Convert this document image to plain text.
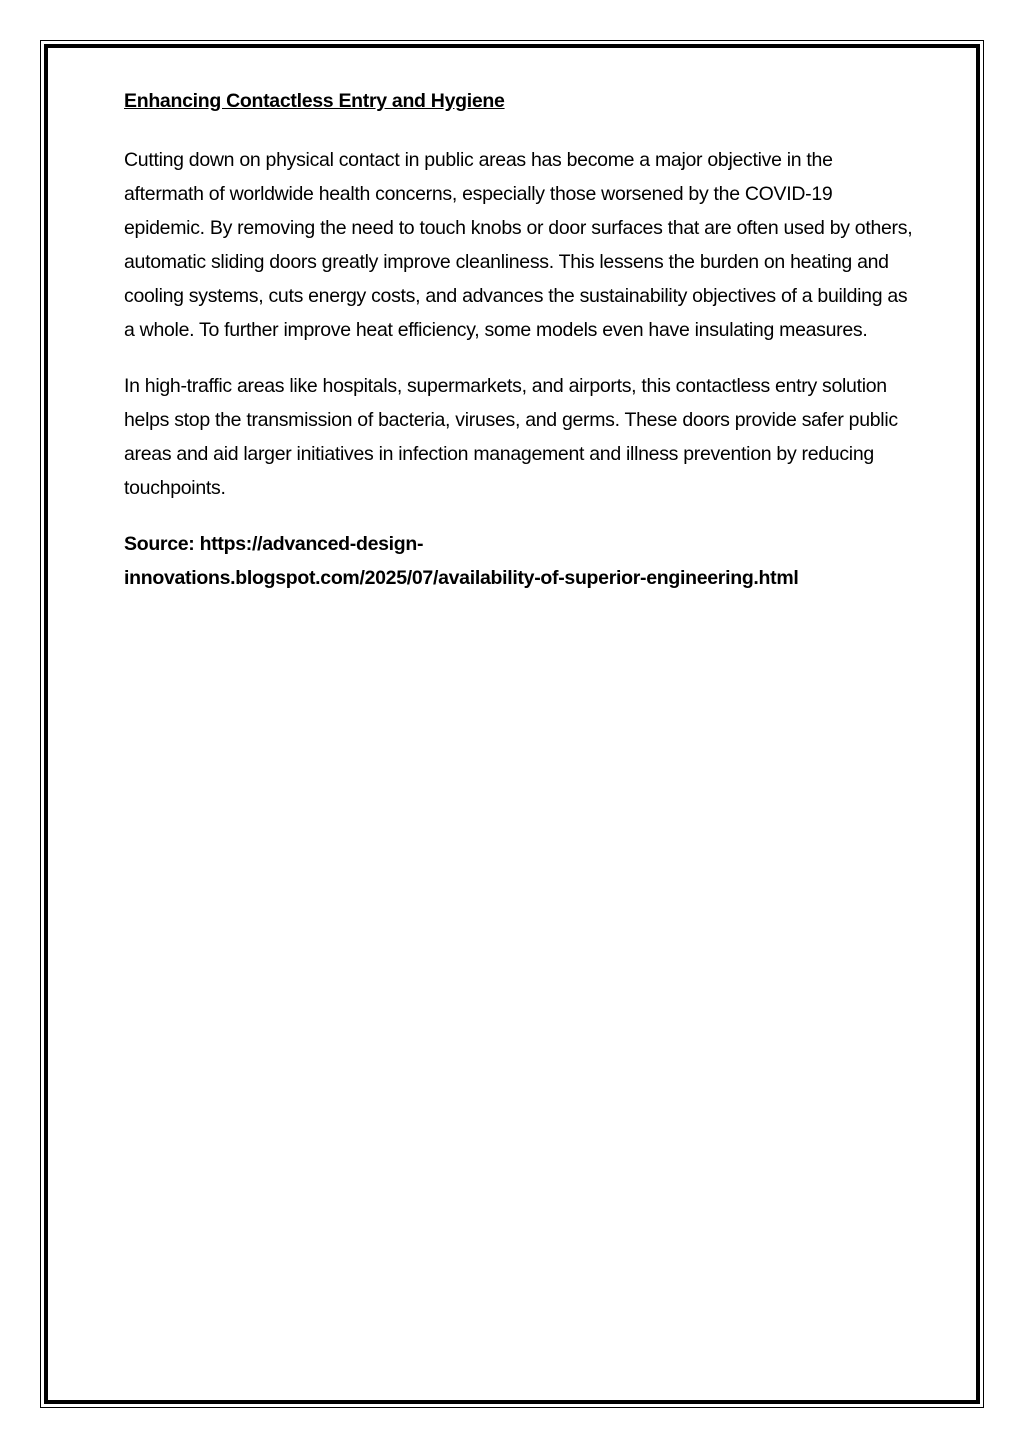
Enhancing Contactless Entry and Hygiene

Cutting down on physical contact in public areas has become a major objective in the aftermath of worldwide health concerns, especially those worsened by the COVID-19 epidemic. By removing the need to touch knobs or door surfaces that are often used by others, automatic sliding doors greatly improve cleanliness. This lessens the burden on heating and cooling systems, cuts energy costs, and advances the sustainability objectives of a building as a whole. To further improve heat efficiency, some models even have insulating measures.

In high-traffic areas like hospitals, supermarkets, and airports, this contactless entry solution helps stop the transmission of bacteria, viruses, and germs. These doors provide safer public areas and aid larger initiatives in infection management and illness prevention by reducing touchpoints.

Source: https://advanced-design-
innovations.blogspot.com/2025/07/availability-of-superior-engineering.html
